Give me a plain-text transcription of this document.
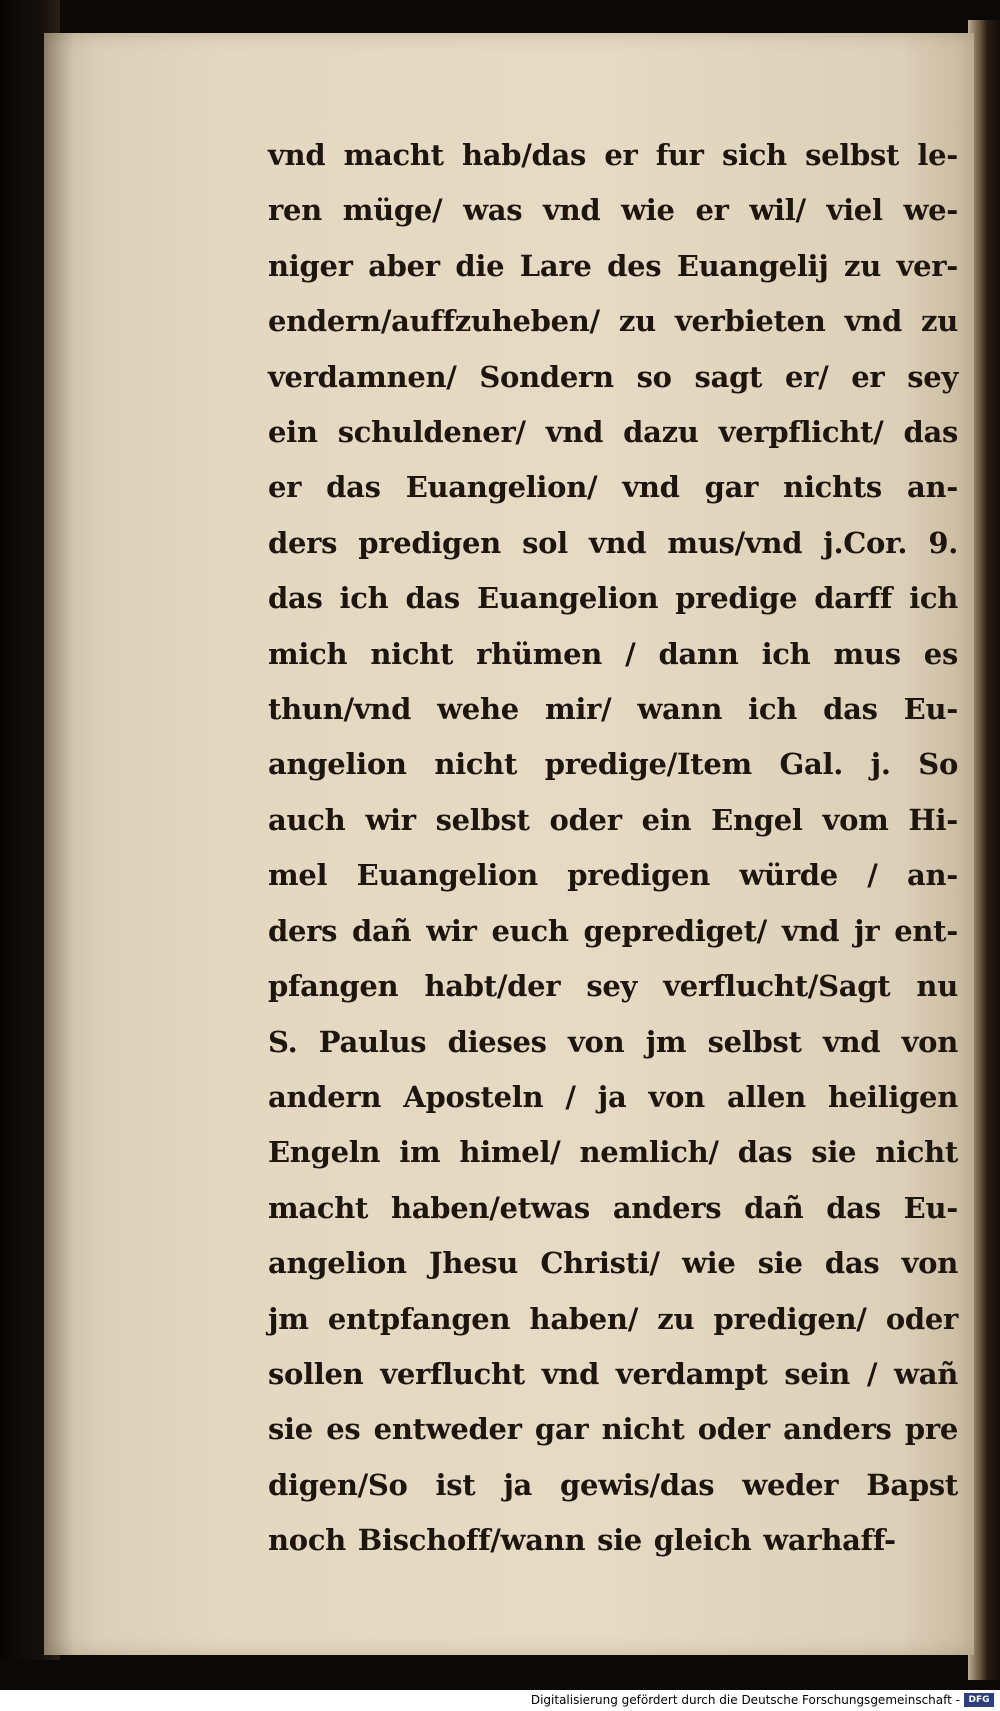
vnd macht hab/das er fur sich selbst le-
ren müge/ was vnd wie er wil/ viel we-
niger aber die Lare des Euangelij zu ver-
endern/auffzuheben/ zu verbieten vnd zu
verdamnen/ Sondern so sagt er/ er sey
ein schuldener/ vnd dazu verpflicht/ das
er das Euangelion/ vnd gar nichts an-
ders predigen sol vnd mus/vnd j.Cor. 9.
das ich das Euangelion predige darff ich
mich nicht rhümen / dann ich mus es
thun/vnd wehe mir/ wann ich das Eu-
angelion nicht predige/Item Gal. j. So
auch wir selbst oder ein Engel vom Hi-
mel Euangelion predigen würde / an-
ders dañ wir euch geprediget/ vnd jr ent-
pfangen habt/der sey verflucht/Sagt nu
S. Paulus dieses von jm selbst vnd von
andern Aposteln / ja von allen heiligen
Engeln im himel/ nemlich/ das sie nicht
macht haben/etwas anders dañ das Eu-
angelion Jhesu Christi/ wie sie das von
jm entpfangen haben/ zu predigen/ oder
sollen verflucht vnd verdampt sein / wañ
sie es entweder gar nicht oder anders pre
digen/So ist ja gewis/das weder Bapst
noch Bischoff/wann sie gleich warhaff-
Digitalisierung gefördert durch die Deutsche Forschungsgemeinschaft - DFG
